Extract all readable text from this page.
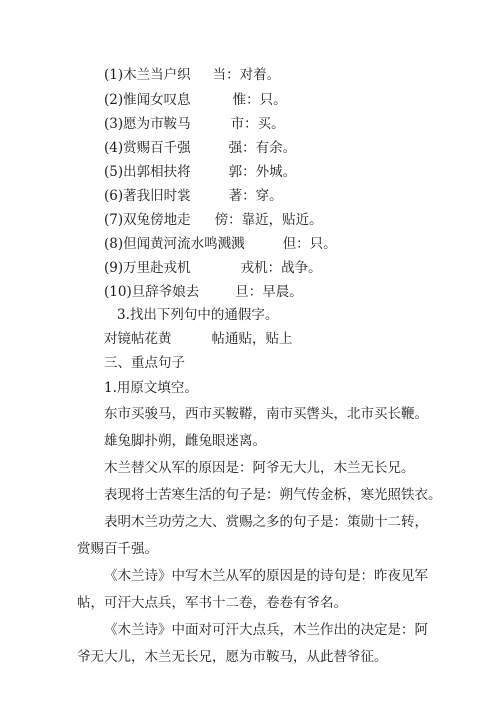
(1)木兰当户织 当：对着。
(2)惟闻女叹息	惟：只。
(3)愿为市鞍马	市：买。
(4)赏赐百千强	强：有余。
(5)出郭相扶将	郭：外城。
(6)著我旧时裳	著：穿。
(7)双兔傍地走 傍：靠近，贴近。
(8)但闻黄河流水鸣溅溅	但：只。
(9)万里赴戎机	戎机：战争。
(10)旦辞爷娘去	旦：早晨。
3.找出下列句中的通假字。
对镜帖花黄	帖通贴，贴上
三、重点句子
1.用原文填空。
东市买骏马，西市买鞍鞯，南市买辔头，北市买长鞭。
雄兔脚扑朔，雌兔眼迷离。
木兰替父从军的原因是：阿爷无大儿，木兰无长兄。
表现将士苦寒生活的句子是：朔气传金柝，寒光照铁衣。
表明木兰功劳之大、赏赐之多的句子是：策勋十二转，
赏赐百千强。
《木兰诗》中写木兰从军的原因是的诗句是：昨夜见军
帖，可汗大点兵，军书十二卷，卷卷有爷名。
《木兰诗》中面对可汗大点兵，木兰作出的决定是：阿
爷无大儿，木兰无长兄，愿为市鞍马，从此替爷征。
